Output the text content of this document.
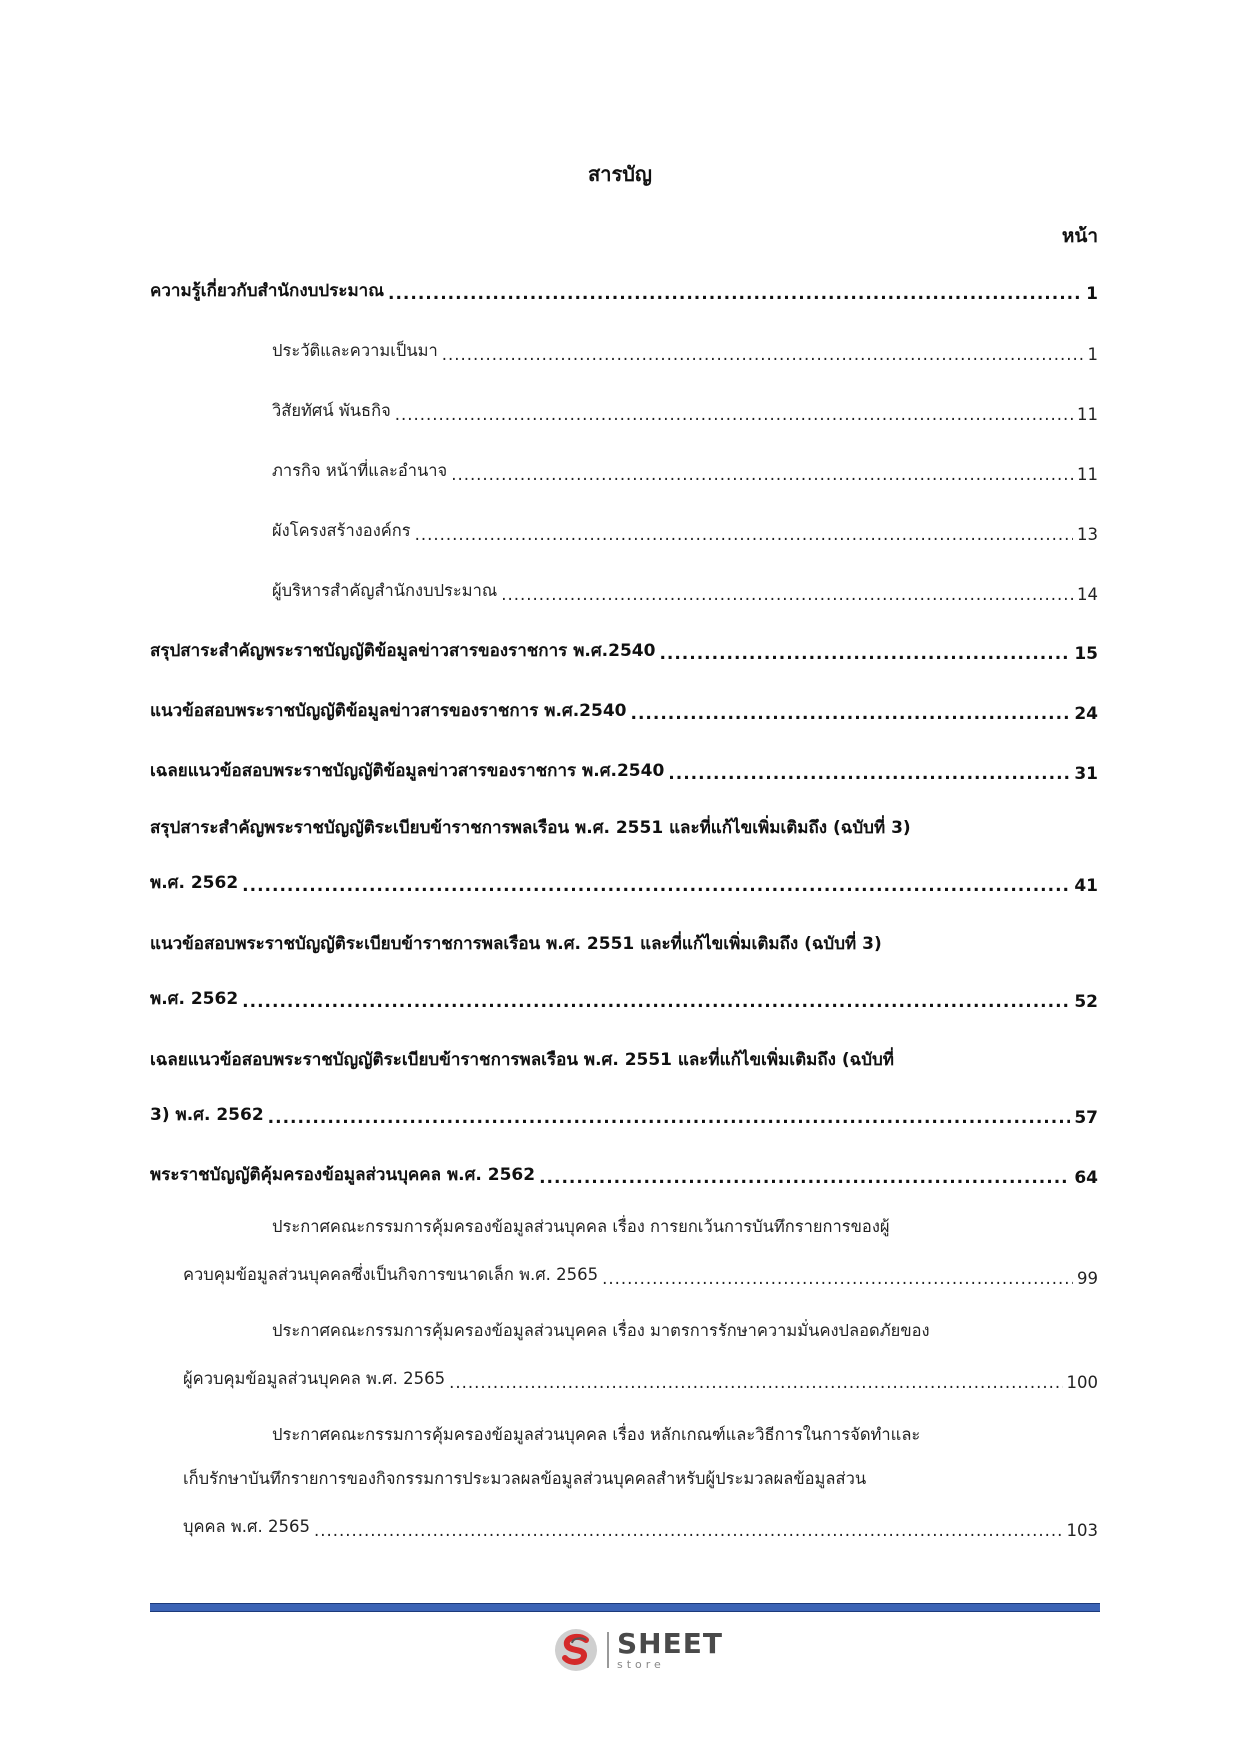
สารบัญ
หน้า
ความรู้เกี่ยวกับสำนักงบประมาณ .....	1
ประวัติและความเป็นมา .....	1
วิสัยทัศน์ พันธกิจ .....	11
ภารกิจ หน้าที่และอำนาจ .....	11
ผังโครงสร้างองค์กร .....	13
ผู้บริหารสำคัญสำนักงบประมาณ .....	14
สรุปสาระสำคัญพระราชบัญญัติข้อมูลข่าวสารของราชการ พ.ศ.2540 .....	15
แนวข้อสอบพระราชบัญญัติข้อมูลข่าวสารของราชการ พ.ศ.2540 .....	24
เฉลยแนวข้อสอบพระราชบัญญัติข้อมูลข่าวสารของราชการ พ.ศ.2540 .....	31
สรุปสาระสำคัญพระราชบัญญัติระเบียบข้าราชการพลเรือน พ.ศ. 2551 และที่แก้ไขเพิ่มเติมถึง (ฉบับที่ 3)
พ.ศ. 2562 .....	41
แนวข้อสอบพระราชบัญญัติระเบียบข้าราชการพลเรือน พ.ศ. 2551 และที่แก้ไขเพิ่มเติมถึง (ฉบับที่ 3)
พ.ศ. 2562 .....	52
เฉลยแนวข้อสอบพระราชบัญญัติระเบียบข้าราชการพลเรือน พ.ศ. 2551 และที่แก้ไขเพิ่มเติมถึง (ฉบับที่
3) พ.ศ. 2562 .....	57
พระราชบัญญัติคุ้มครองข้อมูลส่วนบุคคล พ.ศ. 2562 .....	64
ประกาศคณะกรรมการคุ้มครองข้อมูลส่วนบุคคล เรื่อง การยกเว้นการบันทึกรายการของผู้
ควบคุมข้อมูลส่วนบุคคลซึ่งเป็นกิจการขนาดเล็ก พ.ศ. 2565 .....	99
ประกาศคณะกรรมการคุ้มครองข้อมูลส่วนบุคคล เรื่อง มาตรการรักษาความมั่นคงปลอดภัยของ
ผู้ควบคุมข้อมูลส่วนบุคคล พ.ศ. 2565 .....	100
ประกาศคณะกรรมการคุ้มครองข้อมูลส่วนบุคคล เรื่อง หลักเกณฑ์และวิธีการในการจัดทำและ
เก็บรักษาบันทึกรายการของกิจกรรมการประมวลผลข้อมูลส่วนบุคคลสำหรับผู้ประมวลผลข้อมูลส่วน
บุคคล พ.ศ. 2565 .....	103
SHEET
store
